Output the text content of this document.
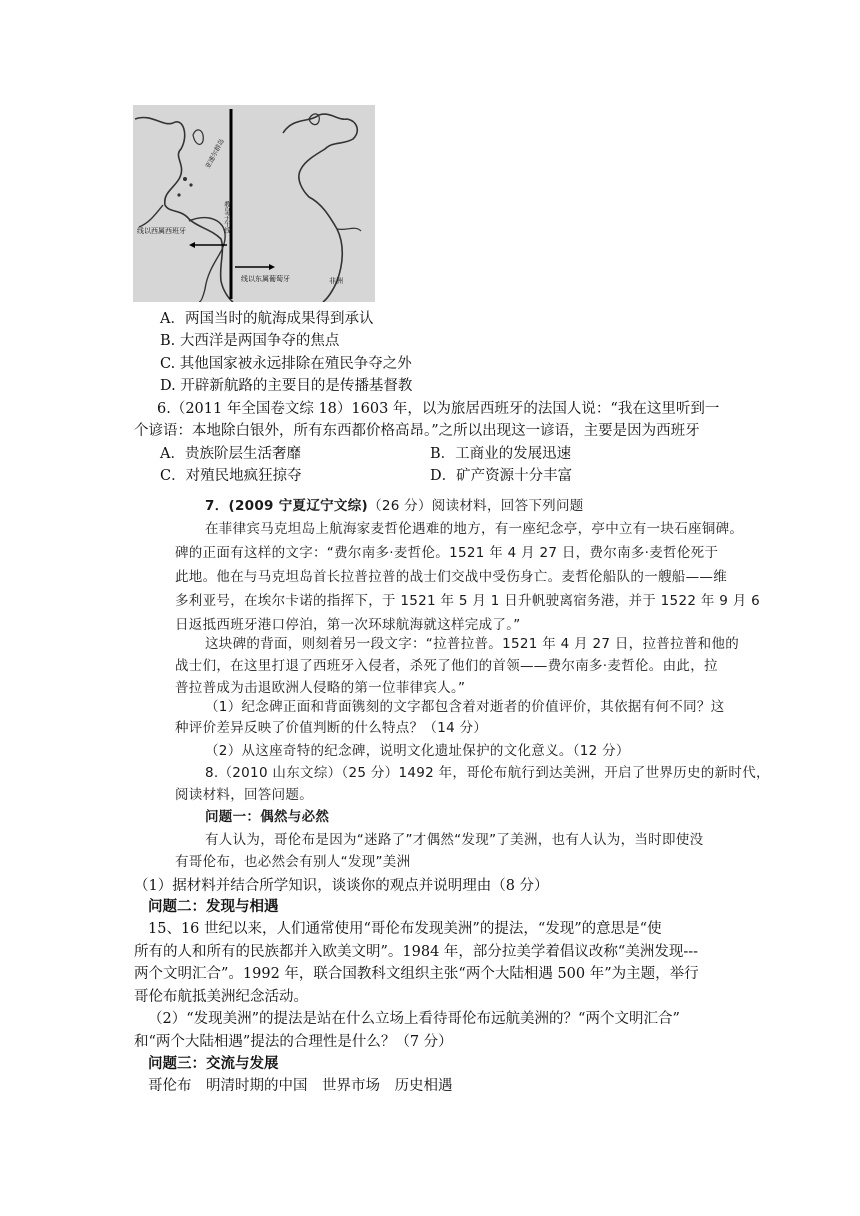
亚速尔群岛
线以西属西班牙
线以东属葡萄牙	非洲
教皇子午线
A．两国当时的航海成果得到承认
B. 大西洋是两国争夺的焦点
C. 其他国家被永远排除在殖民争夺之外
D. 开辟新航路的主要目的是传播基督教
6.（2011 年全国卷文综 18）1603 年，以为旅居西班牙的法国人说：“我在这里听到一
个谚语：本地除白银外，所有东西都价格高昂。”之所以出现这一谚语，主要是因为西班牙
A．贵族阶层生活奢靡	B．工商业的发展迅速
C．对殖民地疯狂掠夺	D．矿产资源十分丰富
7．(2009 宁夏辽宁文综)（26 分）阅读材料，回答下列问题
在菲律宾马克坦岛上航海家麦哲伦遇难的地方，有一座纪念亭，亭中立有一块石座铜碑。
碑的正面有这样的文字：“费尔南多·麦哲伦。1521 年 4 月 27 日，费尔南多·麦哲伦死于
此地。他在与马克坦岛首长拉普拉普的战士们交战中受伤身亡。麦哲伦船队的一艘船——维
多利亚号，在埃尔卡诺的指挥下，于 1521 年 5 月 1 日升帆驶离宿务港，并于 1522 年 9 月 6
日返抵西班牙港口停泊，第一次环球航海就这样完成了。”
这块碑的背面，则刻着另一段文字：“拉普拉普。1521 年 4 月 27 日，拉普拉普和他的
战士们，在这里打退了西班牙入侵者，杀死了他们的首领——费尔南多·麦哲伦。由此，拉
普拉普成为击退欧洲人侵略的第一位菲律宾人。”
（1）纪念碑正面和背面镌刻的文字都包含着对逝者的价值评价，其依据有何不同？这
种评价差异反映了价值判断的什么特点？（14 分）
（2）从这座奇特的纪念碑，说明文化遗址保护的文化意义。（12 分）
8.（2010 山东文综）（25 分）1492 年，哥伦布航行到达美洲，开启了世界历史的新时代，
阅读材料，回答问题。
问题一：偶然与必然
有人认为，哥伦布是因为“迷路了”才偶然“发现”了美洲，也有人认为，当时即使没
有哥伦布，也必然会有别人“发现”美洲
（1）据材料并结合所学知识，谈谈你的观点并说明理由（8 分）
问题二：发现与相遇
15、16 世纪以来，人们通常使用“哥伦布发现美洲”的提法，“发现”的意思是“使
所有的人和所有的民族都并入欧美文明”。1984 年，部分拉美学着倡议改称“美洲发现---
两个文明汇合”。1992 年，联合国教科文组织主张“两个大陆相遇 500 年”为主题，举行
哥伦布航抵美洲纪念活动。
（2）“发现美洲”的提法是站在什么立场上看待哥伦布远航美洲的？“两个文明汇合”
和“两个大陆相遇”提法的合理性是什么？（7 分）
问题三：交流与发展
哥伦布　明清时期的中国　世界市场　历史相遇
